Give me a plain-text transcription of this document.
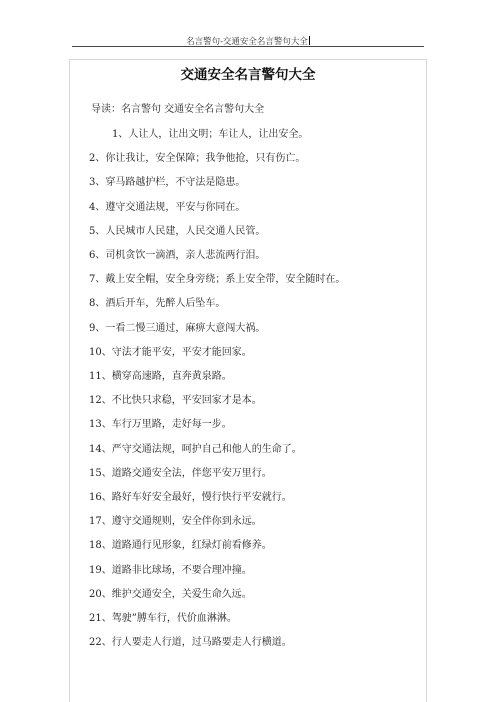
名言警句-交通安全名言警句大全
交通安全名言警句大全
导读：名言警句 交通安全名言警句大全
1、人让人，让出文明；车让人，让出安全。
2、你让我让，安全保障；我争他抢，只有伤亡。
3、穿马路越护栏，不守法是隐患。
4、遵守交通法规，平安与你同在。
5、人民城市人民建，人民交通人民管。
6、司机贪饮一滴酒，亲人悲流两行泪。
7、戴上安全帽，安全身旁绕；系上安全带，安全随时在。
8、酒后开车，先醉人后坠车。
9、一看二慢三通过，麻痹大意闯大祸。
10、守法才能平安，平安才能回家。
11、横穿高速路，直奔黄泉路。
12、不比快只求稳，平安回家才是本。
13、车行万里路，走好每一步。
14、严守交通法规，呵护自己和他人的生命了。
15、道路交通安全法，伴您平安万里行。
16、路好车好安全最好，慢行快行平安就行。
17、遵守交通规则，安全伴你到永远。
18、道路通行见形象，红绿灯前看修养。
19、道路非比球场，不要合理冲撞。
20、维护交通安全，关爱生命久远。
21、驾驶”膊车行，代价血淋淋。
22、行人要走人行道，过马路要走人行横道。
